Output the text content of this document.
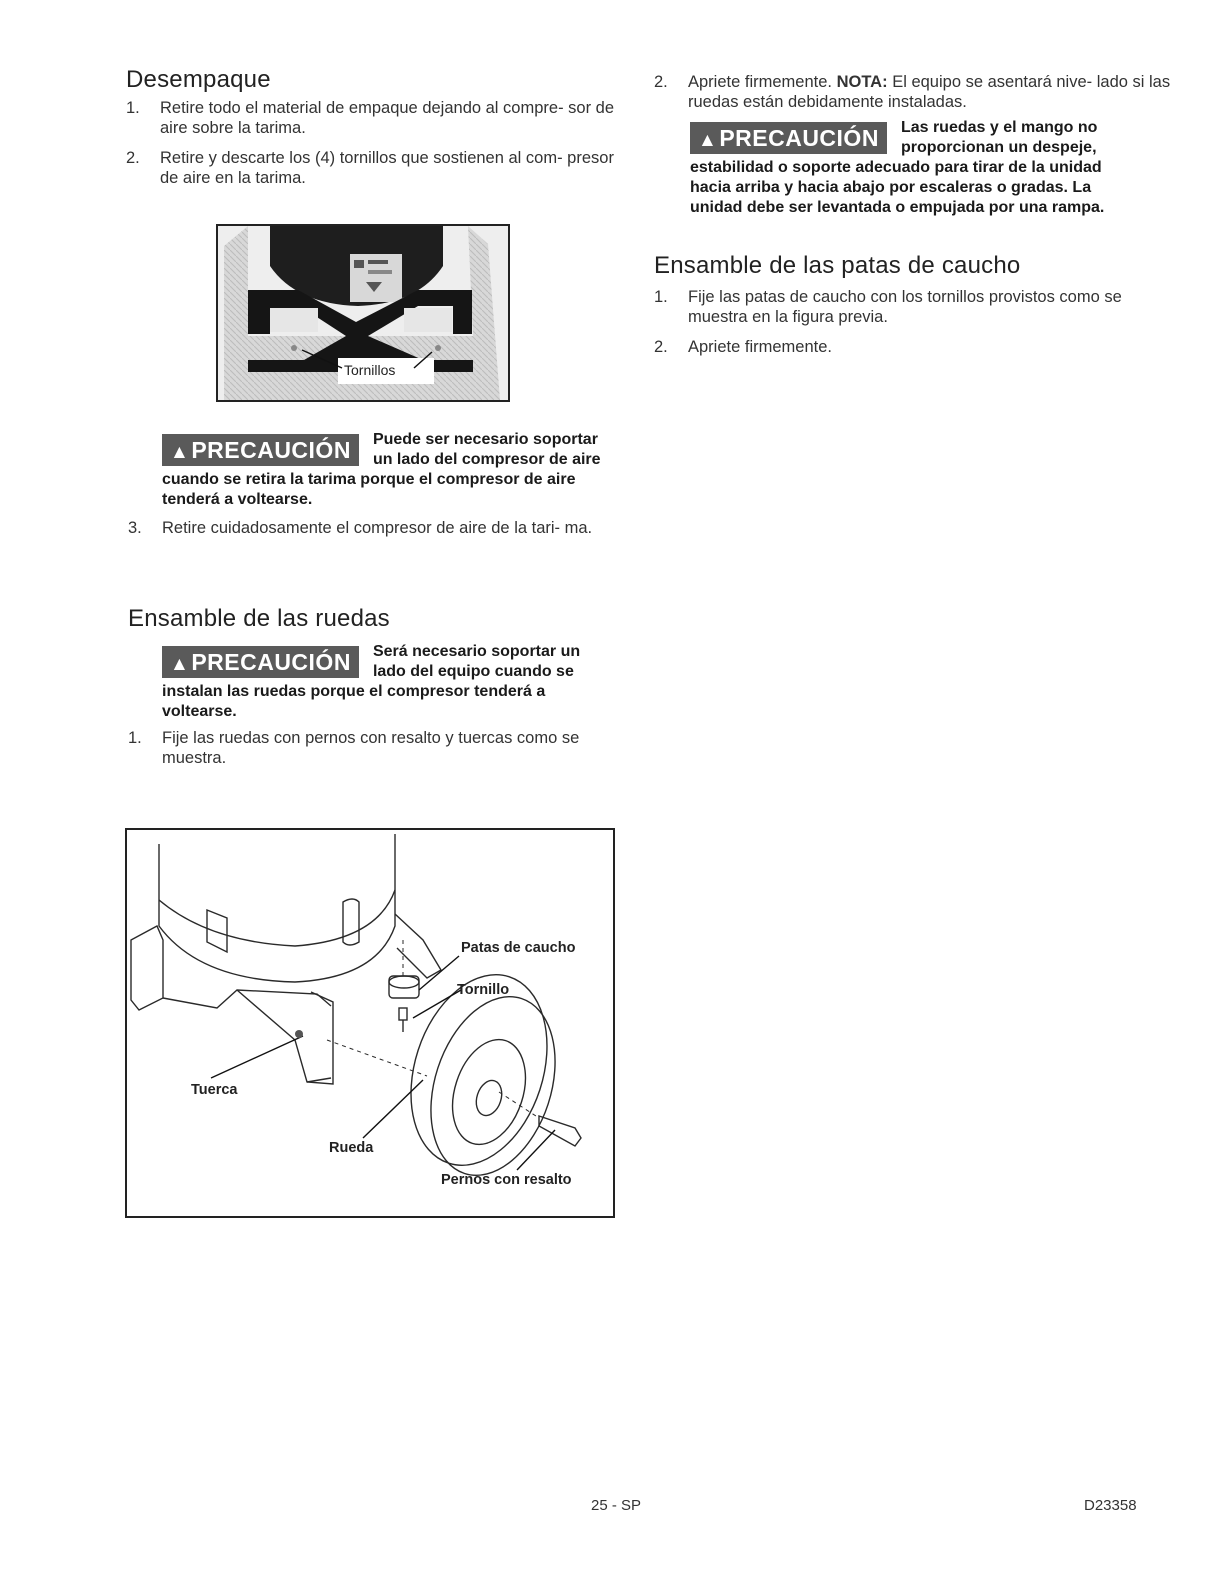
Desempaque
1. Retire todo el material de empaque dejando al compre- sor de aire sobre la tarima.
2. Retire y descarte los (4) tornillos que sostienen al com- presor de aire en la tarima.
Tornillos
▲PRECAUCIÓN	Puede ser necesario soportar un lado del compresor de aire cuando se retira la tarima porque el compresor de aire tenderá a voltearse.
3. Retire cuidadosamente el compresor de aire de la tari- ma.
Ensamble de las ruedas
▲PRECAUCIÓN	Será necesario soportar un lado del equipo cuando se instalan las ruedas porque el compresor tenderá a voltearse.
1. Fije las ruedas con pernos con resalto y tuercas como se muestra.
Patas de caucho
Tornillo
Tuerca
Rueda
Pernos con resalto
2. Apriete firmemente. NOTA: El equipo se asentará nive- lado si las ruedas están debidamente instaladas.
▲PRECAUCIÓN	Las ruedas y el mango no proporcionan un despeje, estabilidad o soporte adecuado para tirar de la unidad hacia arriba y hacia abajo por escaleras o gradas. La unidad debe ser levantada o empujada por una rampa.
Ensamble de las patas de caucho
1. Fije las patas de caucho con los tornillos provistos como se muestra en la figura previa.
2. Apriete firmemente.
25 - SP	D23358
